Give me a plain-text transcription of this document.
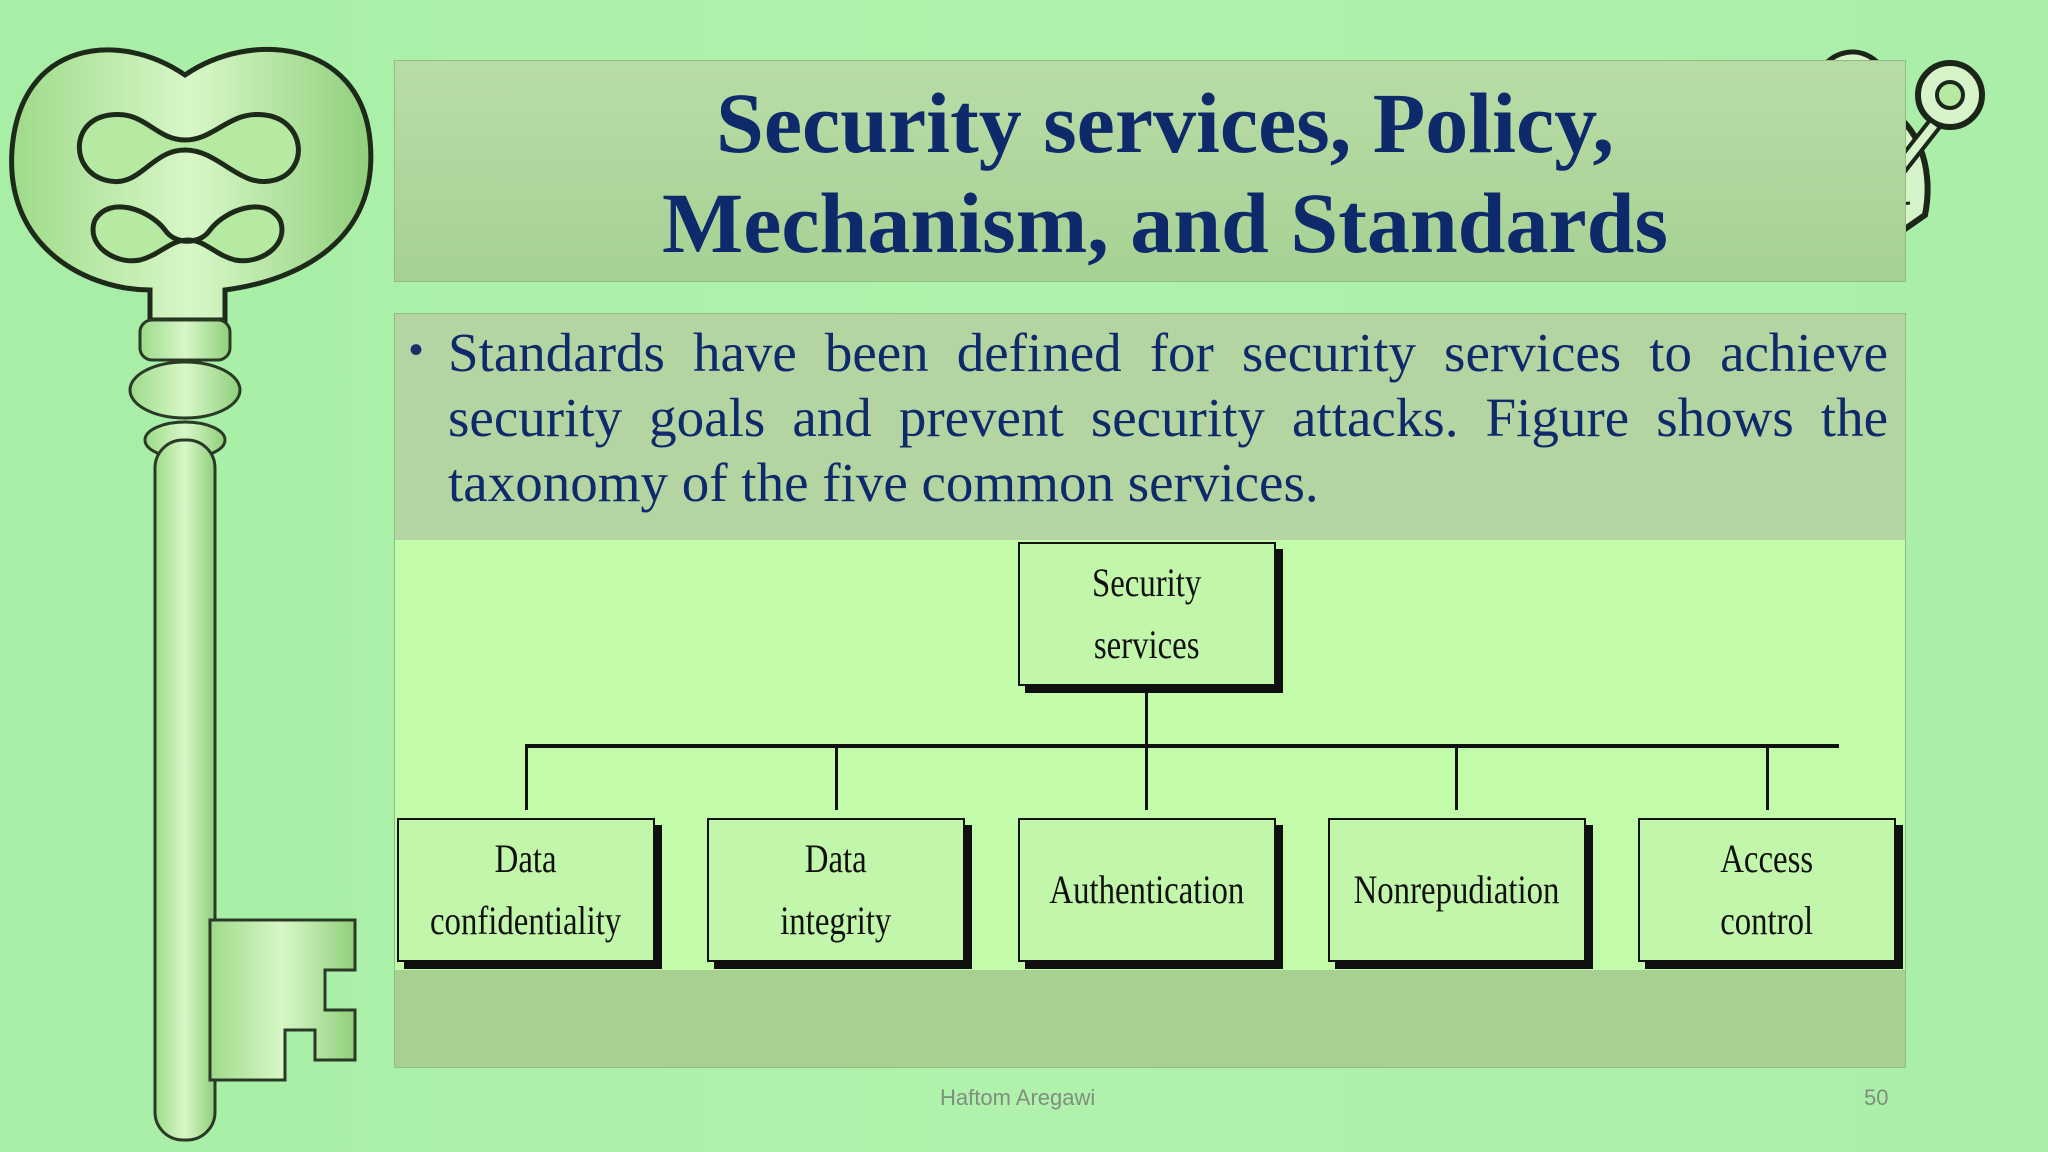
Security services, Policy,
Mechanism, and Standards
• Standards have been defined for security services to achieve security goals and prevent security attacks. Figure shows the taxonomy of the five common services.
Security
services
Data
confidentiality
Data
integrity
Authentication	Nonrepudiation
Access
control
Haftom Aregawi	50
